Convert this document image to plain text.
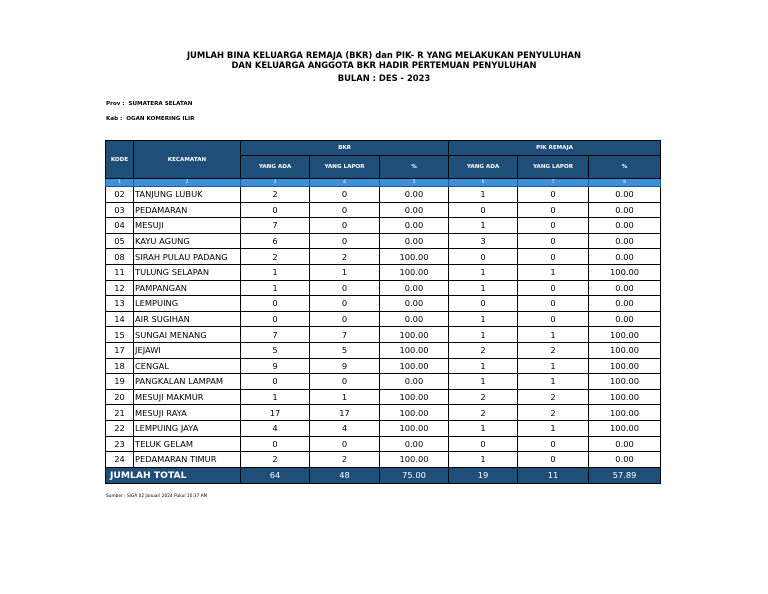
JUMLAH BINA KELUARGA REMAJA (BKR) dan PIK- R YANG MELAKUKAN PENYULUHAN
DAN KELUARGA ANGGOTA BKR HADIR PERTEMUAN PENYULUHAN
BULAN : DES - 2023
Prov : SUMATERA SELATAN
Kab : OGAN KOMERING ILIR
KODE	KECAMATAN	BKR			PIK REMAJA		
		YANG ADA	YANG LAPOR	%	YANG ADA	YANG LAPOR	%
1	2	3	4	5	6	7	8
02	TANJUNG LUBUK	2	0	0.00	1	0	0.00
03	PEDAMARAN	0	0	0.00	0	0	0.00
04	MESUJI	7	0	0.00	1	0	0.00
05	KAYU AGUNG	6	0	0.00	3	0	0.00
08	SIRAH PULAU PADANG	2	2	100.00	0	0	0.00
11	TULUNG SELAPAN	1	1	100.00	1	1	100.00
12	PAMPANGAN	1	0	0.00	1	0	0.00
13	LEMPUING	0	0	0.00	0	0	0.00
14	AIR SUGIHAN	0	0	0.00	1	0	0.00
15	SUNGAI MENANG	7	7	100.00	1	1	100.00
17	JEJAWI	5	5	100.00	2	2	100.00
18	CENGAL	9	9	100.00	1	1	100.00
19	PANGKALAN LAMPAM	0	0	0.00	1	1	100.00
20	MESUJI MAKMUR	1	1	100.00	2	2	100.00
21	MESUJI RAYA	17	17	100.00	2	2	100.00
22	LEMPUING JAYA	4	4	100.00	1	1	100.00
23	TELUK GELAM	0	0	0.00	0	0	0.00
24	PEDAMARAN TIMUR	2	2	100.00	1	0	0.00
JUMLAH TOTAL		64	48	75.00	19	11	57.89
Sumber : SIGA 02 Januari 2024 Pukul 10.37 AM
